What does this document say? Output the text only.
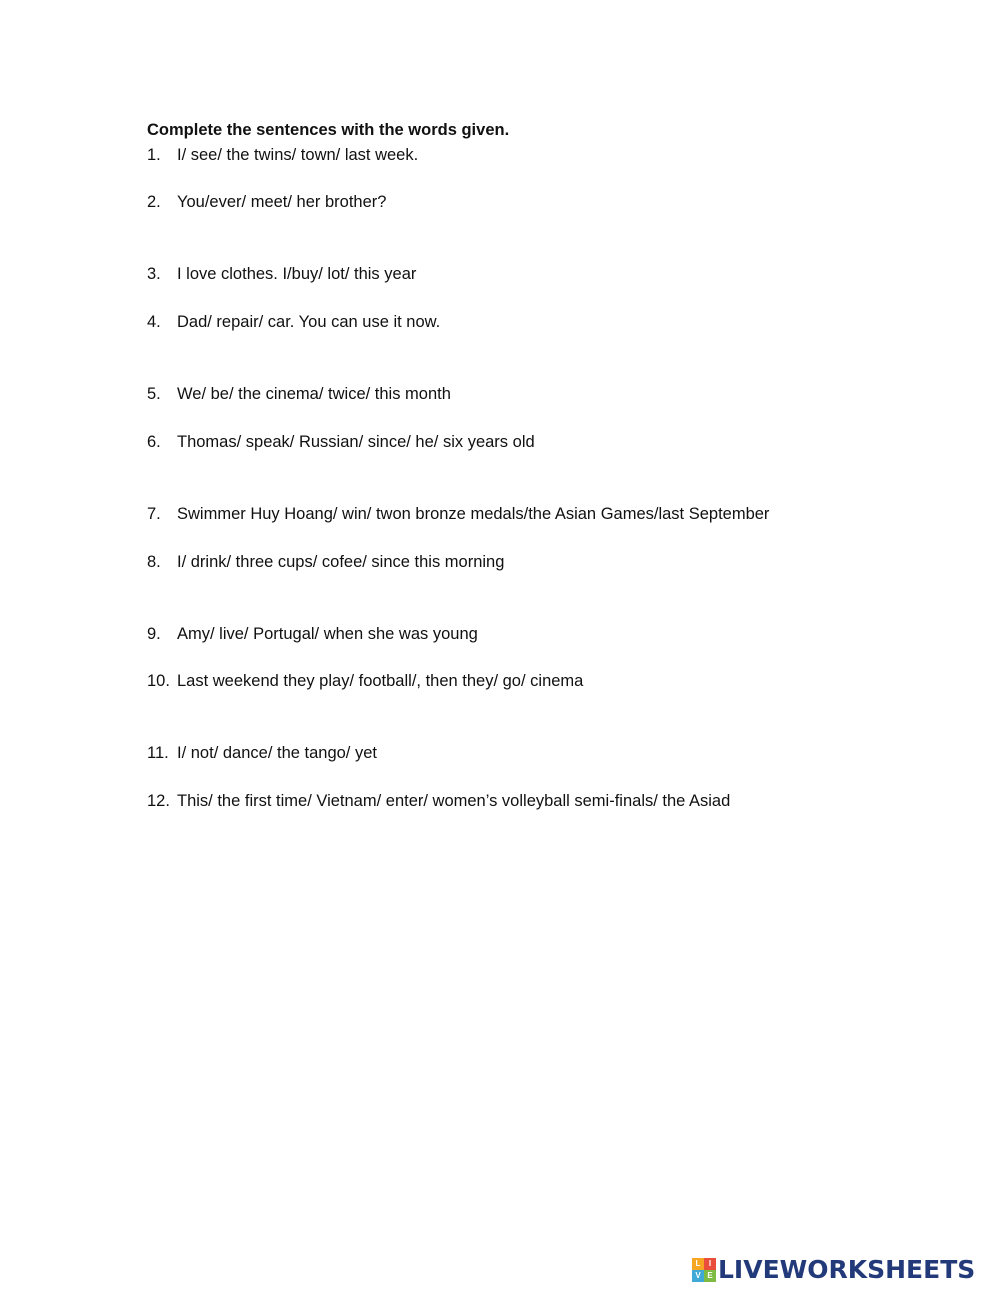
Complete the sentences with the words given.
1. I/ see/ the twins/ town/ last week.
2. You/ever/ meet/ her brother?
3. I love clothes. I/buy/ lot/ this year
4. Dad/ repair/ car. You can use it now.
5. We/ be/ the cinema/ twice/ this month
6. Thomas/ speak/ Russian/ since/ he/ six years old
7. Swimmer Huy Hoang/ win/ twon bronze medals/the Asian Games/last September
8. I/ drink/ three cups/ cofee/ since this morning
9. Amy/ live/ Portugal/ when she was young
10. Last weekend they play/ football/, then they/ go/ cinema
11. I/ not/ dance/ the tango/ yet
12.This/ the first time/ Vietnam/ enter/ women’s volleyball semi-finals/ the Asiad
L	I
V E LIVEWORKSHEETS
